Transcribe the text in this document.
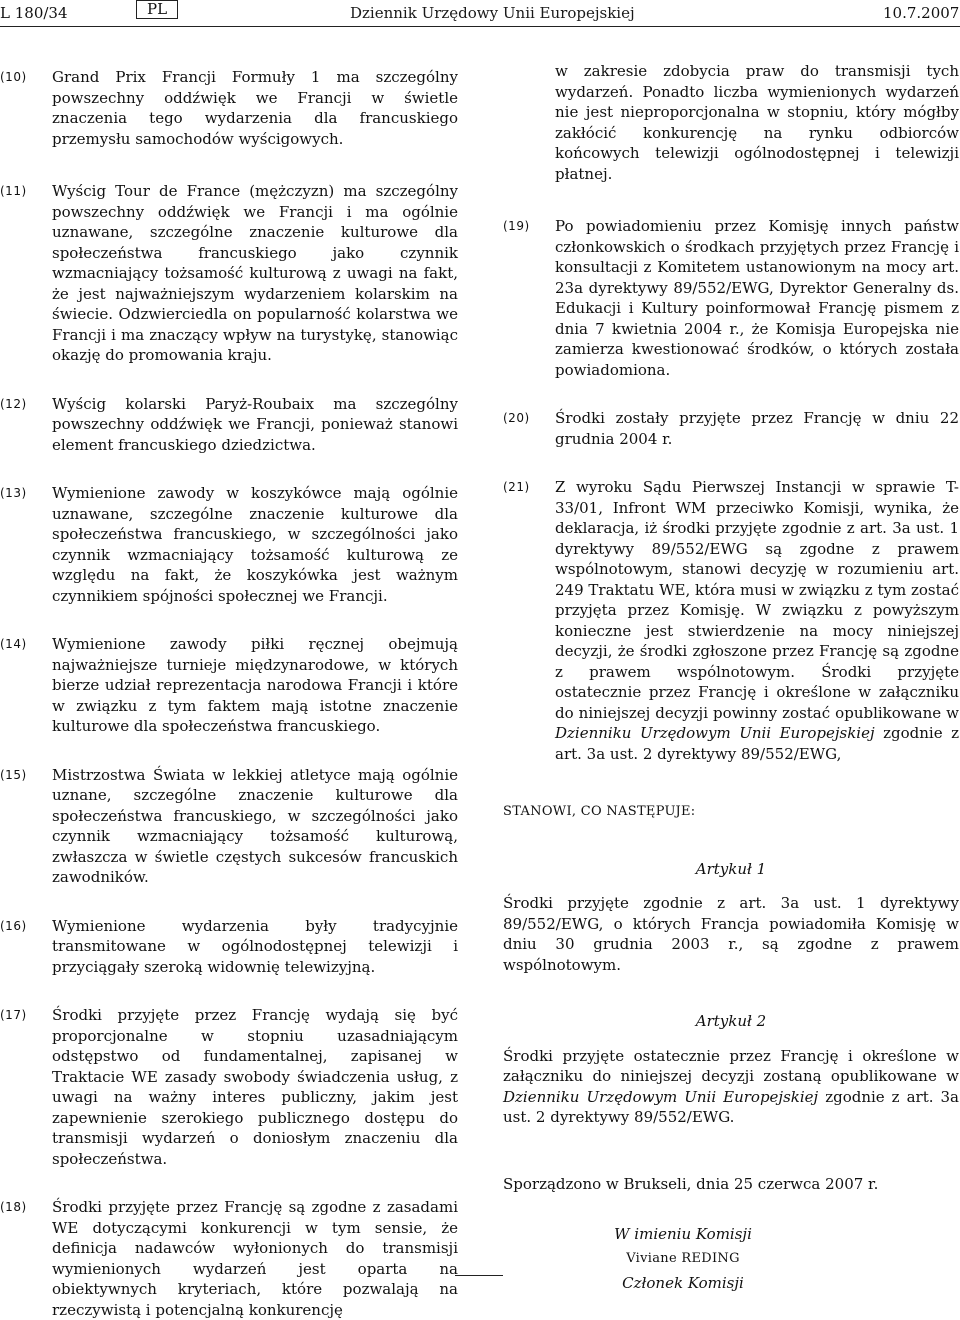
L 180/34	PL	Dziennik Urzędowy Unii Europejskiej	10.7.2007
(10) Grand Prix Francji Formuły 1 ma szczególny powszechny oddźwięk we Francji w świetle znaczenia tego wydarzenia dla francuskiego przemysłu samochodów wyścigowych.
(11) Wyścig Tour de France (mężczyzn) ma szczególny powszechny oddźwięk we Francji i ma ogólnie uznawane, szczególne znaczenie kulturowe dla społeczeństwa francuskiego jako czynnik wzmacniający tożsamość kulturową z uwagi na fakt, że jest najważniejszym wydarzeniem kolarskim na świecie. Odzwierciedla on popularność kolarstwa we Francji i ma znaczący wpływ na turystykę, stanowiąc okazję do promowania kraju.
(12) Wyścig kolarski Paryż-Roubaix ma szczególny powszechny oddźwięk we Francji, ponieważ stanowi element francuskiego dziedzictwa.
(13) Wymienione zawody w koszykówce mają ogólnie uznawane, szczególne znaczenie kulturowe dla społeczeństwa francuskiego, w szczególności jako czynnik wzmacniający tożsamość kulturową ze względu na fakt, że koszykówka jest ważnym czynnikiem spójności społecznej we Francji.
(14) Wymienione zawody piłki ręcznej obejmują najważniejsze turnieje międzynarodowe, w których bierze udział reprezentacja narodowa Francji i które w związku z tym faktem mają istotne znaczenie kulturowe dla społeczeństwa francuskiego.
(15) Mistrzostwa Świata w lekkiej atletyce mają ogólnie uznane, szczególne znaczenie kulturowe dla społeczeństwa francuskiego, w szczególności jako czynnik wzmacniający tożsamość kulturową, zwłaszcza w świetle częstych sukcesów francuskich zawodników.
(16) Wymienione wydarzenia były tradycyjnie transmitowane w ogólnodostępnej telewizji i przyciągały szeroką widownię telewizyjną.
(17) Środki przyjęte przez Francję wydają się być proporcjonalne w stopniu uzasadniającym odstępstwo od fundamentalnej, zapisanej w Traktacie WE zasady swobody świadczenia usług, z uwagi na ważny interes publiczny, jakim jest zapewnienie szerokiego publicznego dostępu do transmisji wydarzeń o doniosłym znaczeniu dla społeczeństwa.
(18) Środki przyjęte przez Francję są zgodne z zasadami WE dotyczącymi konkurencji w tym sensie, że definicja nadawców wyłonionych do transmisji wymienionych wydarzeń jest oparta na obiektywnych kryteriach, które pozwalają na rzeczywistą i potencjalną konkurencję

w zakresie zdobycia praw do transmisji tych wydarzeń. Ponadto liczba wymienionych wydarzeń nie jest nieproporcjonalna w stopniu, który mógłby zakłócić konkurencję na rynku odbiorców końcowych telewizji ogólnodostępnej i telewizji płatnej.

(19) Po powiadomieniu przez Komisję innych państw członkowskich o środkach przyjętych przez Francję i konsultacji z Komitetem ustanowionym na mocy art. 23a dyrektywy 89/552/EWG, Dyrektor Generalny ds. Edukacji i Kultury poinformował Francję pismem z dnia 7 kwietnia 2004 r., że Komisja Europejska nie zamierza kwestionować środków, o których została powiadomiona.
(20) Środki zostały przyjęte przez Francję w dniu 22 grudnia 2004 r.
(21) Z wyroku Sądu Pierwszej Instancji w sprawie T-33/01, Infront WM przeciwko Komisji, wynika, że deklaracja, iż środki przyjęte zgodnie z art. 3a ust. 1 dyrektywy 89/552/EWG są zgodne z prawem wspólnotowym, stanowi decyzję w rozumieniu art. 249 Traktatu WE, która musi w związku z tym zostać przyjęta przez Komisję. W związku z powyższym konieczne jest stwierdzenie na mocy niniejszej decyzji, że środki zgłoszone przez Francję są zgodne z prawem wspólnotowym. Środki przyjęte ostatecznie przez Francję i określone w załączniku do niniejszej decyzji powinny zostać opublikowane w Dzienniku Urzędowym Unii Europejskiej zgodnie z art. 3a ust. 2 dyrektywy 89/552/EWG,

STANOWI, CO NASTĘPUJE:

Artykuł 1

Środki przyjęte zgodnie z art. 3a ust. 1 dyrektywy 89/552/EWG, o których Francja powiadomiła Komisję w dniu 30 grudnia 2003 r., są zgodne z prawem wspólnotowym.

Artykuł 2

Środki przyjęte ostatecznie przez Francję i określone w załączniku do niniejszej decyzji zostaną opublikowane w Dzienniku Urzędowym Unii Europejskiej zgodnie z art. 3a ust. 2 dyrektywy 89/552/EWG.

Sporządzono w Brukseli, dnia 25 czerwca 2007 r.

W imieniu Komisji

Viviane REDING

Członek Komisji
